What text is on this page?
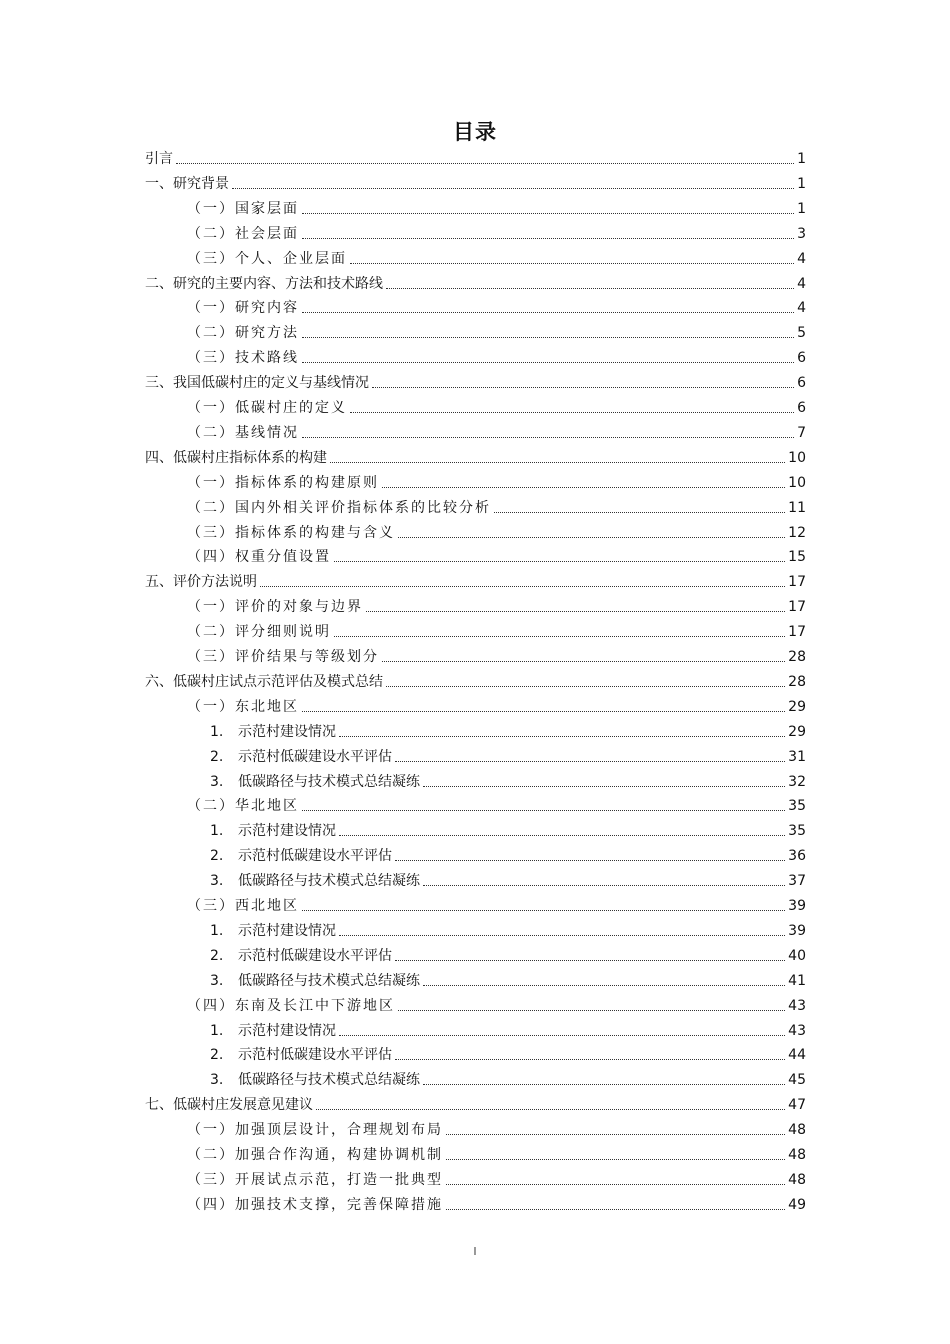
目录
引言	1
一、研究背景	1
（一）国家层面	1
（二）社会层面	3
（三）个人、企业层面	4
二、研究的主要内容、方法和技术路线	4
（一）研究内容	4
（二）研究方法	5
（三）技术路线	6
三、我国低碳村庄的定义与基线情况	6
（一）低碳村庄的定义	6
（二）基线情况	7
四、低碳村庄指标体系的构建	10
（一）指标体系的构建原则	10
（二）国内外相关评价指标体系的比较分析	11
（三）指标体系的构建与含义	12
（四）权重分值设置	15
五、评价方法说明	17
（一）评价的对象与边界	17
（二）评分细则说明	17
（三）评价结果与等级划分	28
六、低碳村庄试点示范评估及模式总结	28
（一）东北地区	29
1. 示范村建设情况	29
2. 示范村低碳建设水平评估	31
3. 低碳路径与技术模式总结凝练	32
（二）华北地区	35
1. 示范村建设情况	35
2. 示范村低碳建设水平评估	36
3. 低碳路径与技术模式总结凝练	37
（三）西北地区	39
1. 示范村建设情况	39
2. 示范村低碳建设水平评估	40
3. 低碳路径与技术模式总结凝练	41
（四）东南及长江中下游地区	43
1. 示范村建设情况	43
2. 示范村低碳建设水平评估	44
3. 低碳路径与技术模式总结凝练	45
七、低碳村庄发展意见建议	47
（一）加强顶层设计，合理规划布局	48
（二）加强合作沟通，构建协调机制	48
（三）开展试点示范，打造一批典型	48
（四）加强技术支撑，完善保障措施	49
I
